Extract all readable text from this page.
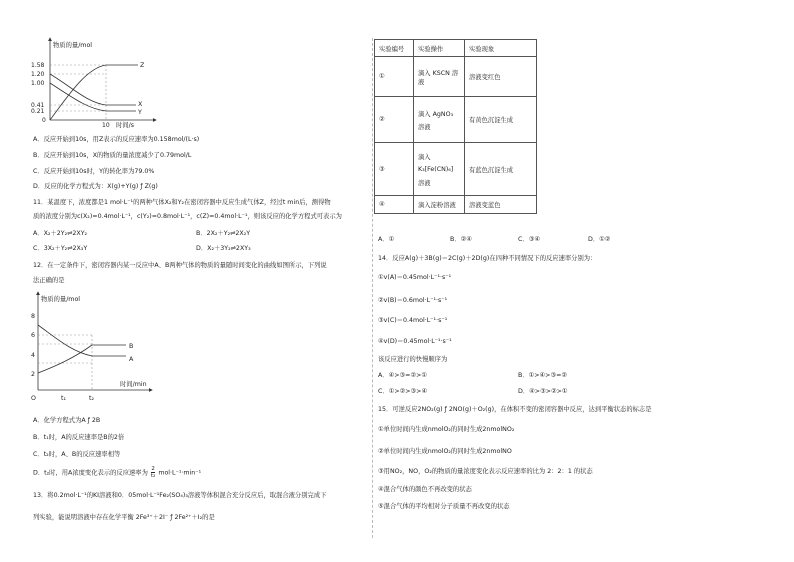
物质的量/mol
时间/s
1.58
1.20
1.00
0.41
0.21
0
10
Z
X
Y
A．反应开始到10s，用Z表示的反应速率为0.158mol/(L·s)
B．反应开始到10s，X的物质的量浓度减少了0.79mol/L
C．反应开始到10s时，Y的转化率为79.0%
D．反应的化学方程式为：X(g)+Y(g) ƒ Z(g)
11．某温度下，浓度都是1 mol·L⁻¹的两种气体X₂和Y₂在密闭容器中反应生成气体Z，经过t min后，测得物
质的浓度分别为c(X₂)=0.4mol·L⁻¹，c(Y₂)=0.8mol·L⁻¹，c(Z)=0.4mol·L⁻¹，则该反应的化学方程式可表示为
A．X₂＋2Y₂⇌2XY₂	B．2X₂＋Y₂⇌2X₂Y
C．3X₂＋Y₂⇌2X₃Y	D．X₂＋3Y₂⇌2XY₃
12．在一定条件下，密闭容器内某一反应中A、B两种气体的物质的量随时间变化的曲线如图所示，下列说
法正确的是
物质的量/mol
时间/min
O
8
6
4
2
t₁	t₂
B
A
A．化学方程式为A ƒ 2B
B．t₁时，A的反应速率是B的2倍
C．t₂时，A、B的反应速率相等
D．t₂时，用A浓度变化表示的反应速率为 $\frac{2}{\text{t₂}} mol\cdot L^{-1}\cdot\min^{-1}$
13．将0.2mol·L⁻¹的KI溶液和0．05mol·L⁻¹Fe₂(SO₄)₃溶液等体积混合充分反应后，取混合液分别完成下
列实验，能说明溶液中存在化学平衡 2Fe³⁺＋2I⁻ ƒ 2Fe²⁺＋I₂的是
实验编号	实验操作	实验现象
①	滴入 KSCN 溶
液	溶液变红色
②	滴入 AgNO₃
溶液	有黄色沉淀生成
③	滴入
K₃[Fe(CN)₆]
溶液	有蓝色沉淀生成
④	滴入淀粉溶液	溶液变蓝色
A．①	B．②④	C．③④	D．①②
14．反应A(g)＋3B(g)＝2C(g)＋2D(g)在四种不同情况下的反应速率分别为：
①v(A)＝0.45mol·L⁻¹·s⁻¹
②v(B)＝0.6mol·L⁻¹·s⁻¹
③v(C)＝0.4mol·L⁻¹·s⁻¹
④v(D)＝0.45mol·L⁻¹·s⁻¹
该反应进行的快慢顺序为
A．④>③=②>①	B．①>④>③=②
C．①>②>③>④	D．④>③>②>①
15．可逆反应2NO₂(g) ƒ 2NO(g)＋O₂(g)，在体积不变的密闭容器中反应，达到平衡状态的标志是
①单位时间内生成nmolO₂的同时生成2nmolNO₂
②单位时间内生成nmolO₂的同时生成2nmolNO
③用NO₂，NO，O₂的物质的量浓度变化表示反应速率的比为 2：2：1 的状态
④混合气体的颜色不再改变的状态
⑤混合气体的平均相对分子质量不再改变的状态
